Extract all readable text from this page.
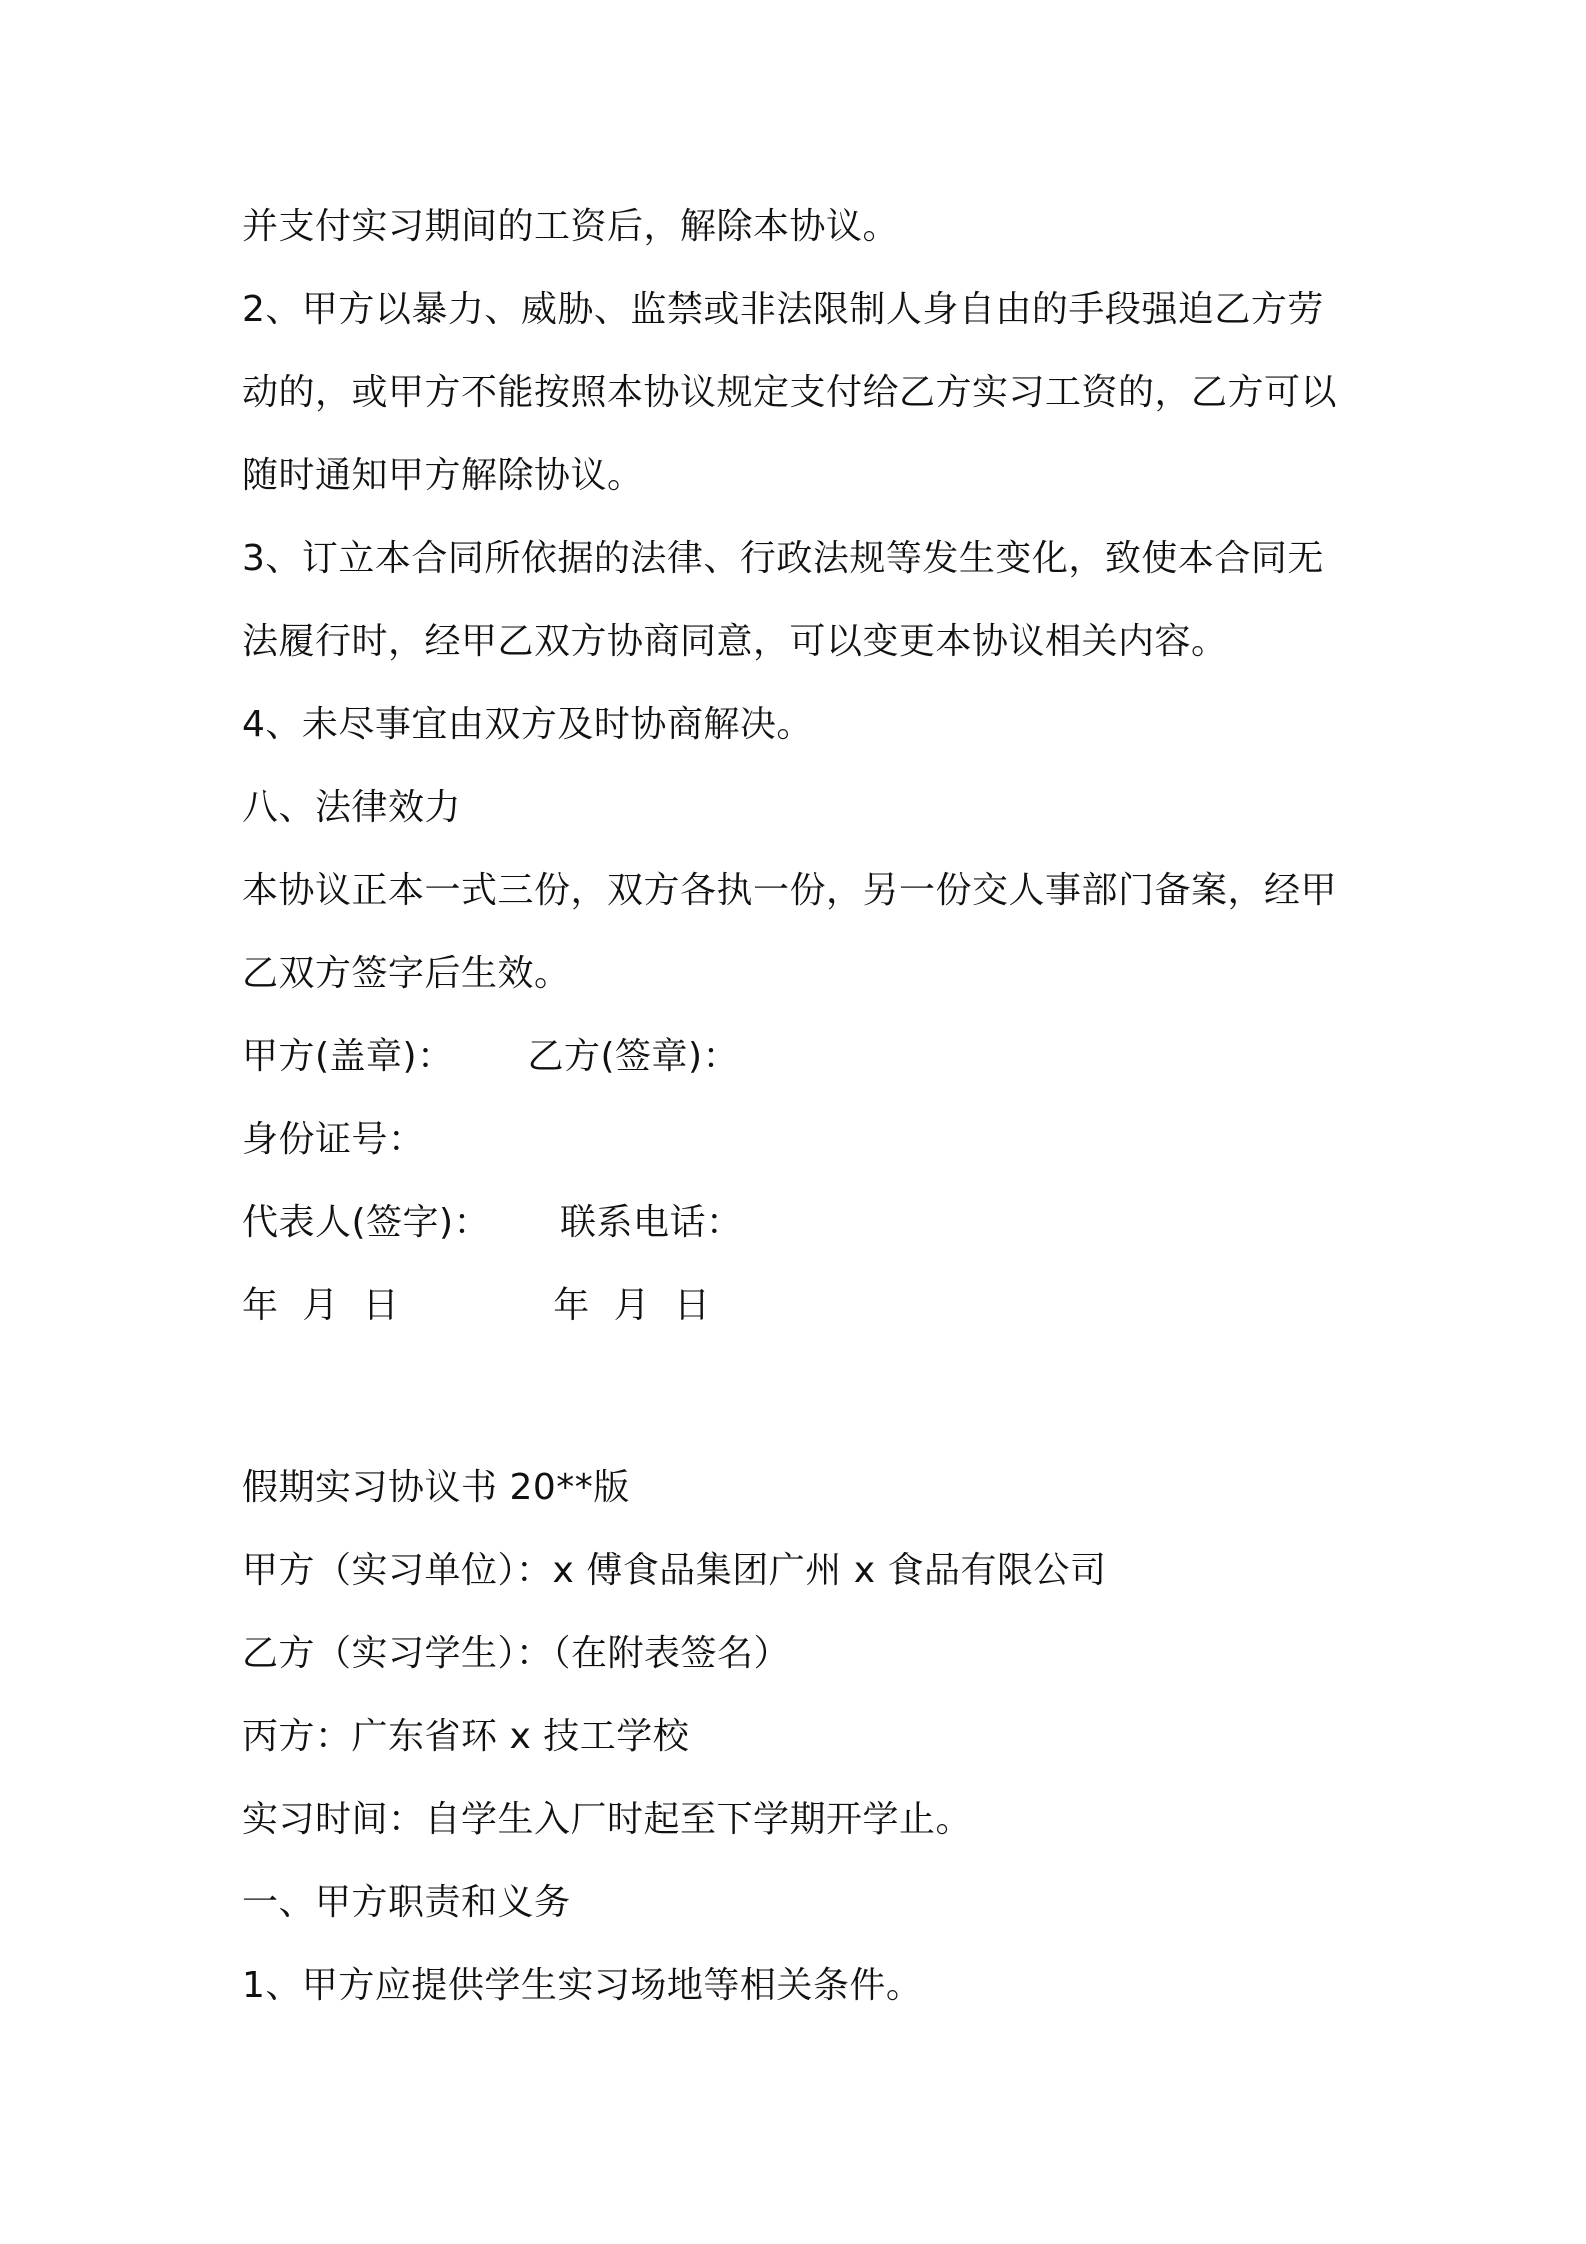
并支付实习期间的工资后，解除本协议。
2、甲方以暴力、威胁、监禁或非法限制人身自由的手段强迫乙方劳
动的，或甲方不能按照本协议规定支付给乙方实习工资的，乙方可以
随时通知甲方解除协议。
3、订立本合同所依据的法律、行政法规等发生变化，致使本合同无
法履行时，经甲乙双方协商同意，可以变更本协议相关内容。
4、未尽事宜由双方及时协商解决。
八、法律效力
本协议正本一式三份，双方各执一份，另一份交人事部门备案，经甲
乙双方签字后生效。
甲方(盖章)： 乙方(签章)：
身份证号：
代表人(签字)： 联系电话：
年  月  日	年  月  日
假期实习协议书 20**版
甲方（实习单位）：x 傅食品集团广州 x 食品有限公司
乙方（实习学生）：（在附表签名）
丙方：广东省环 x 技工学校
实习时间：自学生入厂时起至下学期开学止。
一、甲方职责和义务
1、甲方应提供学生实习场地等相关条件。
